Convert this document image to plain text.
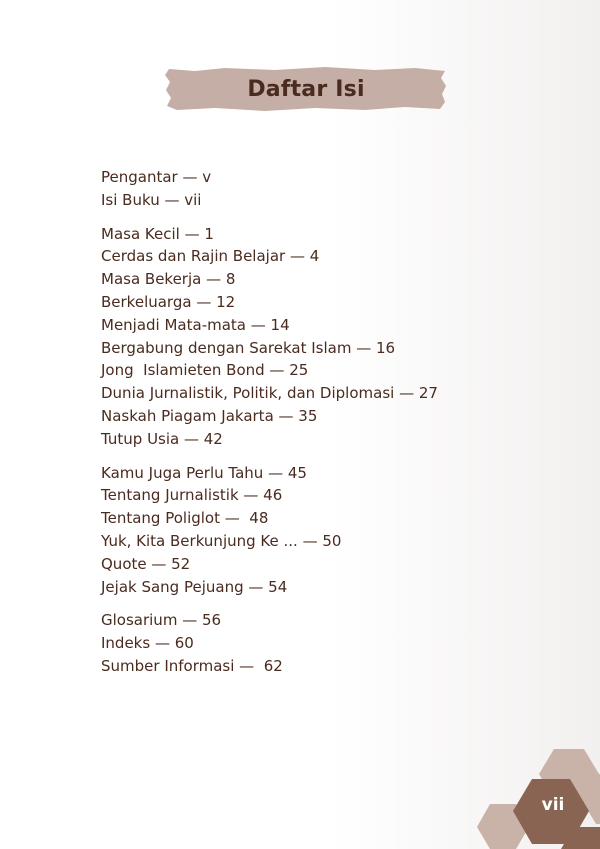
Daftar Isi
Pengantar — v
Isi Buku — vii
Masa Kecil — 1
Cerdas dan Rajin Belajar — 4
Masa Bekerja — 8
Berkeluarga — 12
Menjadi Mata-mata — 14
Bergabung dengan Sarekat Islam — 16
Jong  Islamieten Bond — 25
Dunia Jurnalistik, Politik, dan Diplomasi — 27
Naskah Piagam Jakarta — 35
Tutup Usia — 42
Kamu Juga Perlu Tahu — 45
Tentang Jurnalistik — 46
Tentang Poliglot —  48
Yuk, Kita Berkunjung Ke ... — 50
Quote — 52
Jejak Sang Pejuang — 54
Glosarium — 56
Indeks — 60
Sumber Informasi —  62
vii
